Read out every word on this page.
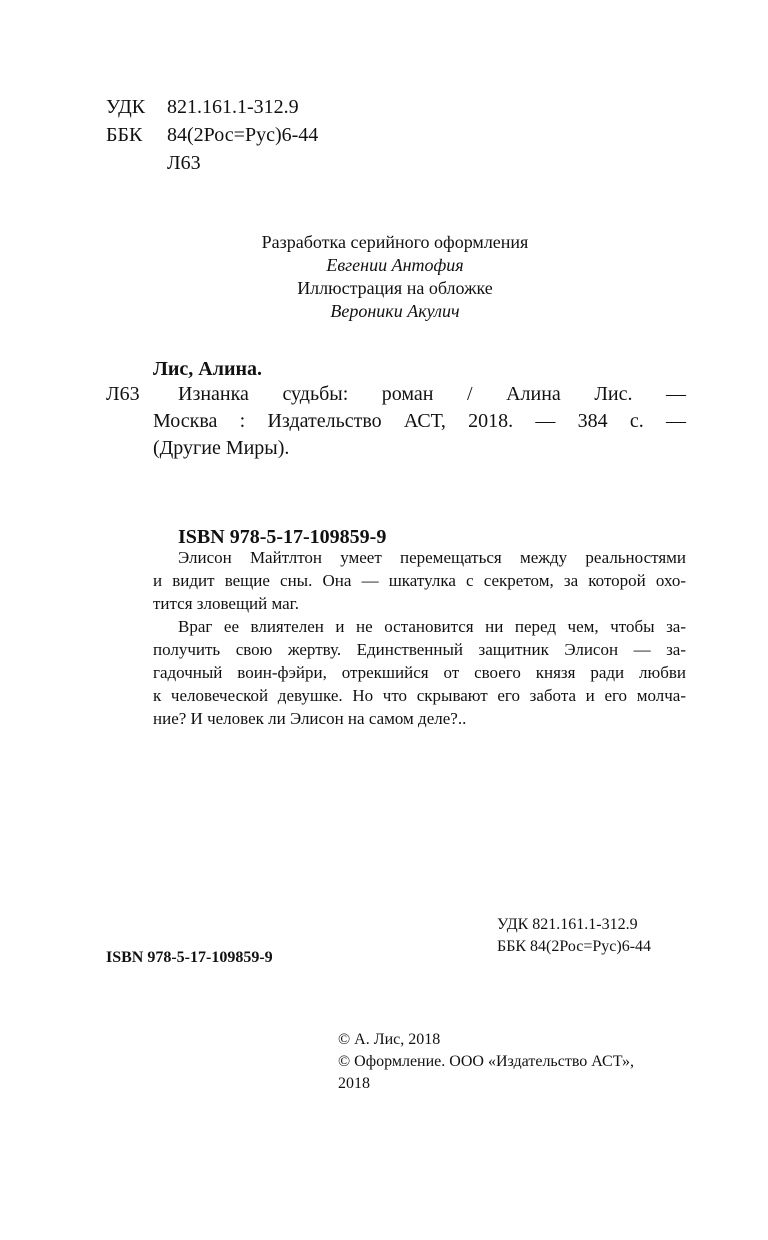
УДК 821.161.1-312.9
ББК 84(2Рос=Рус)6-44
Л63
Разработка серийного оформления
Евгении Антофия
Иллюстрация на обложке
Вероники Акулич
Лис, Алина.
Л63 Изнанка судьбы: роман / Алина Лис. —
Москва : Издательство АСТ, 2018. — 384 с. —
(Другие Миры).
ISBN 978-5-17-109859-9
Элисон Майтлтон умеет перемещаться между реальностями
и видит вещие сны. Она — шкатулка с секретом, за которой охо-
тится зловещий маг.
Враг ее влиятелен и не остановится ни перед чем, чтобы за-
получить свою жертву. Единственный защитник Элисон — за-
гадочный воин-фэйри, отрекшийся от своего князя ради любви
к человеческой девушке. Но что скрывают его забота и его молча-
ние? И человек ли Элисон на самом деле?..
УДК 821.161.1-312.9
ББК 84(2Рос=Рус)6-44
ISBN 978-5-17-109859-9
© А. Лис, 2018
© Оформление. ООО «Издательство АСТ»,
2018
